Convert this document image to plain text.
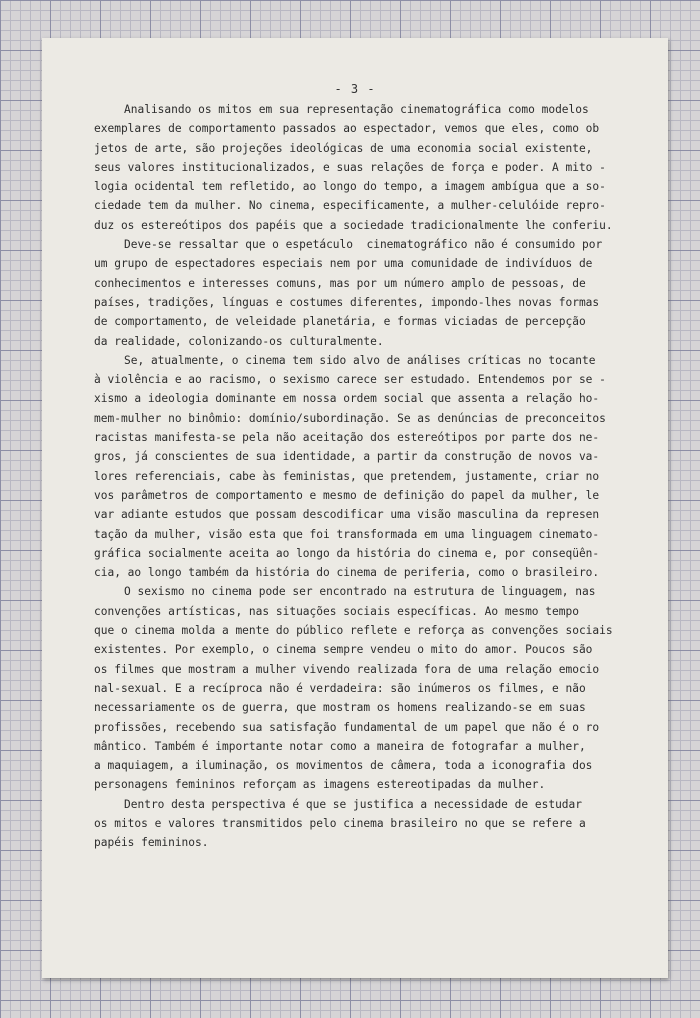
- 3 -
Analisando os mitos em sua representação cinematográfica como modelos
exemplares de comportamento passados ao espectador, vemos que eles, como ob
jetos de arte, são projeções ideológicas de uma economia social existente,
seus valores institucionalizados, e suas relações de força e poder. A mito -
logia ocidental tem refletido, ao longo do tempo, a imagem ambígua que a so-
ciedade tem da mulher. No cinema, especificamente, a mulher-celulóide repro-
duz os estereótipos dos papéis que a sociedade tradicionalmente lhe conferiu.
Deve-se ressaltar que o espetáculo  cinematográfico não é consumido por
um grupo de espectadores especiais nem por uma comunidade de indivíduos de
conhecimentos e interesses comuns, mas por um número amplo de pessoas, de
países, tradições, línguas e costumes diferentes, impondo-lhes novas formas
de comportamento, de veleidade planetária, e formas viciadas de percepção
da realidade, colonizando-os culturalmente.
Se, atualmente, o cinema tem sido alvo de análises críticas no tocante
à violência e ao racismo, o sexismo carece ser estudado. Entendemos por se -
xismo a ideologia dominante em nossa ordem social que assenta a relação ho-
mem-mulher no binômio: domínio/subordinação. Se as denúncias de preconceitos
racistas manifesta-se pela não aceitação dos estereótipos por parte dos ne-
gros, já conscientes de sua identidade, a partir da construção de novos va-
lores referenciais, cabe às feministas, que pretendem, justamente, criar no
vos parâmetros de comportamento e mesmo de definição do papel da mulher, le
var adiante estudos que possam descodificar uma visão masculina da represen
tação da mulher, visão esta que foi transformada em uma linguagem cinemato-
gráfica socialmente aceita ao longo da história do cinema e, por conseqüên-
cia, ao longo também da história do cinema de periferia, como o brasileiro.
O sexismo no cinema pode ser encontrado na estrutura de linguagem, nas
convenções artísticas, nas situações sociais específicas. Ao mesmo tempo
que o cinema molda a mente do público reflete e reforça as convenções sociais
existentes. Por exemplo, o cinema sempre vendeu o mito do amor. Poucos são
os filmes que mostram a mulher vivendo realizada fora de uma relação emocio
nal-sexual. E a recíproca não é verdadeira: são inúmeros os filmes, e não
necessariamente os de guerra, que mostram os homens realizando-se em suas
profissões, recebendo sua satisfação fundamental de um papel que não é o ro
mântico. Também é importante notar como a maneira de fotografar a mulher,
a maquiagem, a iluminação, os movimentos de câmera, toda a iconografia dos
personagens femininos reforçam as imagens estereotipadas da mulher.
Dentro desta perspectiva é que se justifica a necessidade de estudar
os mitos e valores transmitidos pelo cinema brasileiro no que se refere a
papéis femininos.
